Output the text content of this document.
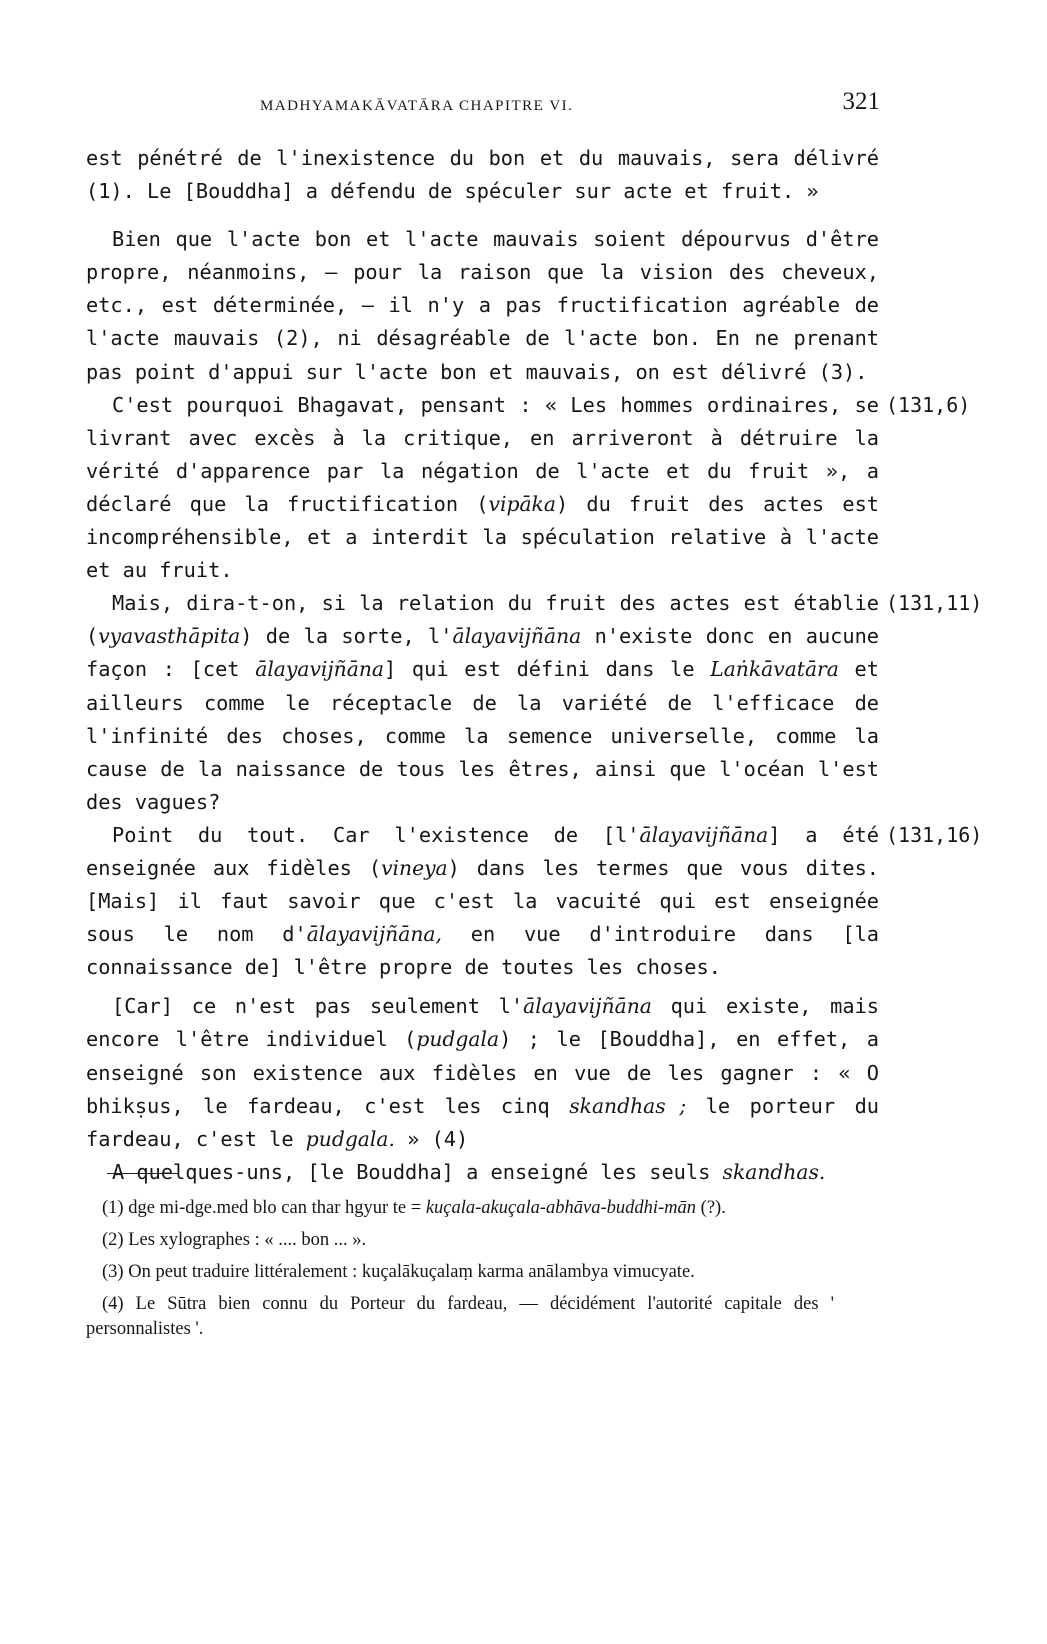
MADHYAMAKĀVATĀRA CHAPITRE VI.	321

est pénétré de l'inexistence du bon et du mauvais, sera délivré (1). Le [Bouddha] a défendu de spéculer sur acte et fruit. »

Bien que l'acte bon et l'acte mauvais soient dépourvus d'être propre, néanmoins, — pour la raison que la vision des cheveux, etc., est déterminée, — il n'y a pas fructification agréable de l'acte mauvais (2), ni désagréable de l'acte bon. En ne prenant pas point d'appui sur l'acte bon et mauvais, on est délivré (3).

(131,6)
C'est pourquoi Bhagavat, pensant : « Les hommes ordinaires, se livrant avec excès à la critique, en arriveront à détruire la vérité d'apparence par la négation de l'acte et du fruit », a déclaré que la fructification (vipāka) du fruit des actes est incompréhensible, et a interdit la spéculation relative à l'acte et au fruit.

(131,11)
Mais, dira-t-on, si la relation du fruit des actes est établie (vyavasthāpita) de la sorte, l'ālayavijñāna n'existe donc en aucune façon : [cet ālayavijñāna] qui est défini dans le Laṅkāvatāra et ailleurs comme le réceptacle de la variété de l'efficace de l'infinité des choses, comme la semence universelle, comme la cause de la naissance de tous les êtres, ainsi que l'océan l'est des vagues?

(131,16)
Point du tout. Car l'existence de [l'ālayavijñāna] a été enseignée aux fidèles (vineya) dans les termes que vous dites. [Mais] il faut savoir que c'est la vacuité qui est enseignée sous le nom d'ālayavijñāna, en vue d'introduire dans [la connaissance de] l'être propre de toutes les choses.

[Car] ce n'est pas seulement l'ālayavijñāna qui existe, mais encore l'être individuel (pudgala) ; le [Bouddha], en effet, a enseigné son existence aux fidèles en vue de les gagner : « O bhikṣus, le fardeau, c'est les cinq skandhas ; le porteur du fardeau, c'est le pudgala. » (4)

A quelques-uns, [le Bouddha] a enseigné les seuls skandhas.

(1) dge mi-dge.med blo can thar hgyur te = kuçala-akuçala-abhāva-buddhi-mān (?).

(2) Les xylographes : « .... bon ... ».

(3) On peut traduire littéralement : kuçalākuçalaṃ karma anālambya vimucyate.

(4) Le Sūtra bien connu du Porteur du fardeau, — décidément l'autorité capitale des ' personnalistes '.
